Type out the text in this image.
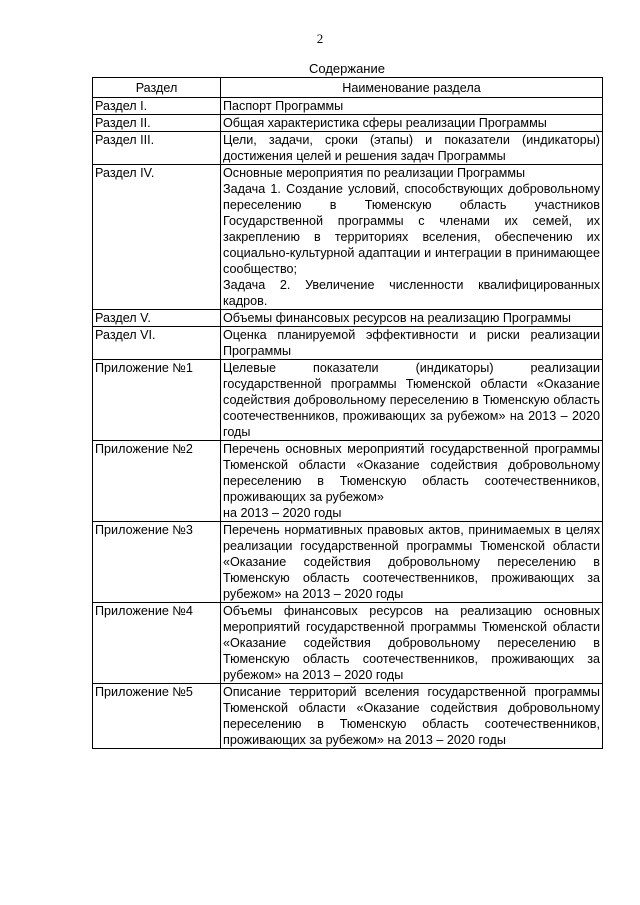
2
Содержание
Раздел	Наименование раздела
Раздел I.	Паспорт Программы

Раздел II.	Общая характеристика сферы реализации Программы

Раздел III.	Цели, задачи, сроки (этапы) и показатели (индикаторы) достижения целей и решения задач Программы

Раздел IV.	Основные мероприятия по реализации Программы
Задача 1. Создание условий, способствующих добровольному переселению в Тюменскую область участников Государственной программы с членами их семей, их закреплению в территориях вселения, обеспечению их социально-культурной адаптации и интеграции в принимающее сообщество;
Задача 2. Увеличение численности квалифицированных кадров.

Раздел V.	Объемы финансовых ресурсов на реализацию Программы

Раздел VI.	Оценка планируемой эффективности и риски реализации Программы

Приложение №1	Целевые показатели (индикаторы) реализации государственной программы Тюменской области «Оказание содействия добровольному переселению в Тюменскую область соотечественников, проживающих за рубежом» на 2013 – 2020 годы

Приложение №2	Перечень основных мероприятий государственной программы Тюменской области «Оказание содействия добровольному переселению в Тюменскую область соотечественников, проживающих за рубежом»
на 2013 – 2020 годы

Приложение №3	Перечень нормативных правовых актов, принимаемых в целях реализации государственной программы Тюменской области «Оказание содействия добровольному переселению в Тюменскую область соотечественников, проживающих за рубежом» на 2013 – 2020 годы

Приложение №4	Объемы финансовых ресурсов на реализацию основных мероприятий государственной программы Тюменской области «Оказание содействия добровольному переселению в Тюменскую область соотечественников, проживающих за рубежом» на 2013 – 2020 годы

Приложение №5	Описание территорий вселения государственной программы Тюменской области «Оказание содействия добровольному переселению в Тюменскую область соотечественников, проживающих за рубежом» на 2013 – 2020 годы
